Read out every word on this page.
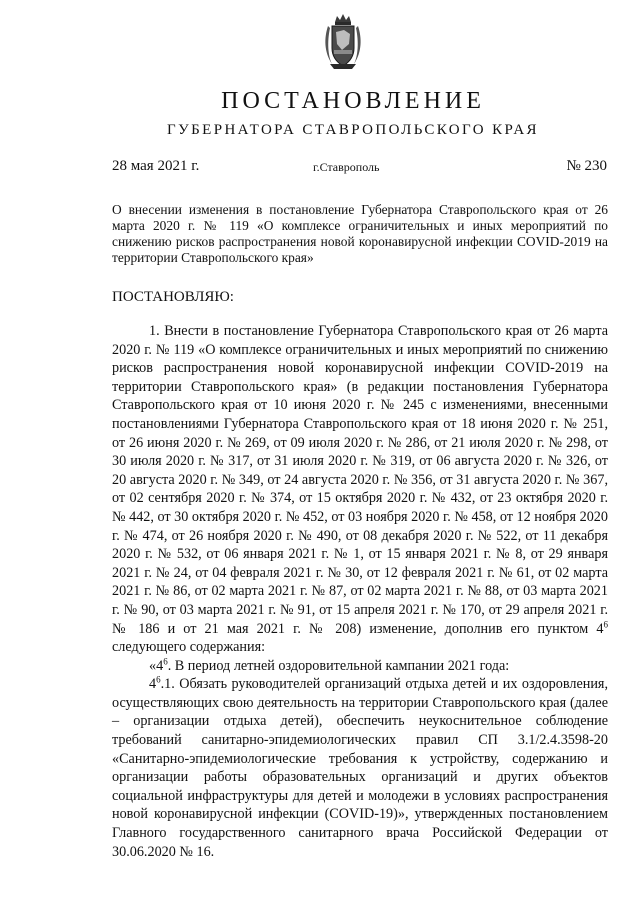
ПОСТАНОВЛЕНИЕ
ГУБЕРНАТОРА СТАВРОПОЛЬСКОГО КРАЯ
28 мая 2021 г.	г.Ставрополь	№ 230
О внесении изменения в постановление Губернатора Ставропольского края от 26 марта 2020 г. № 119 «О комплексе ограничительных и иных мероприятий по снижению рисков распространения новой коронавирусной инфекции COVID-2019 на территории Ставропольского края»
ПОСТАНОВЛЯЮ:

1. Внести в постановление Губернатора Ставропольского края от 26 марта 2020 г. № 119 «О комплексе ограничительных и иных мероприятий по снижению рисков распространения новой коронавирусной инфекции COVID-2019 на территории Ставропольского края» (в редакции постановления Губернатора Ставропольского края от 10 июня 2020 г. № 245 с изменениями, внесенными постановлениями Губернатора Ставропольского края от 18 июня 2020 г. № 251, от 26 июня 2020 г. № 269, от 09 июля 2020 г. № 286, от 21 июля 2020 г. № 298, от 30 июля 2020 г. № 317, от 31 июля 2020 г. № 319, от 06 августа 2020 г. № 326, от 20 августа 2020 г. № 349, от 24 августа 2020 г. № 356, от 31 августа 2020 г. № 367, от 02 сентября 2020 г. № 374, от 15 октября 2020 г. № 432, от 23 октября 2020 г. № 442, от 30 октября 2020 г. № 452, от 03 ноября 2020 г. № 458, от 12 ноября 2020 г. № 474, от 26 ноября 2020 г. № 490, от 08 декабря 2020 г. № 522, от 11 декабря 2020 г. № 532, от 06 января 2021 г. № 1, от 15 января 2021 г. № 8, от 29 января 2021 г. № 24, от 04 февраля 2021 г. № 30, от 12 февраля 2021 г. № 61, от 02 марта 2021 г. № 86, от 02 марта 2021 г. № 87, от 02 марта 2021 г. № 88, от 03 марта 2021 г. № 90, от 03 марта 2021 г. № 91, от 15 апреля 2021 г. № 170, от 29 апреля 2021 г. № 186 и от 21 мая 2021 г. № 208) изменение, дополнив его пунктом $4^6$ следующего содержания:

«$4^6$. В период летней оздоровительной кампании 2021 года:

$4^6.1$. Обязать руководителей организаций отдыха детей и их оздоровления, осуществляющих свою деятельность на территории Ставропольского края (далее – организации отдыха детей), обеспечить неукоснительное соблюдение требований санитарно-эпидемиологических правил СП 3.1/2.4.3598-20 «Санитарно-эпидемиологические требования к устройству, содержанию и организации работы образовательных организаций и других объектов социальной инфраструктуры для детей и молодежи в условиях распространения новой коронавирусной инфекции (COVID-19)», утвержденных постановлением Главного государственного санитарного врача Российской Федерации от 30.06.2020 № 16.
